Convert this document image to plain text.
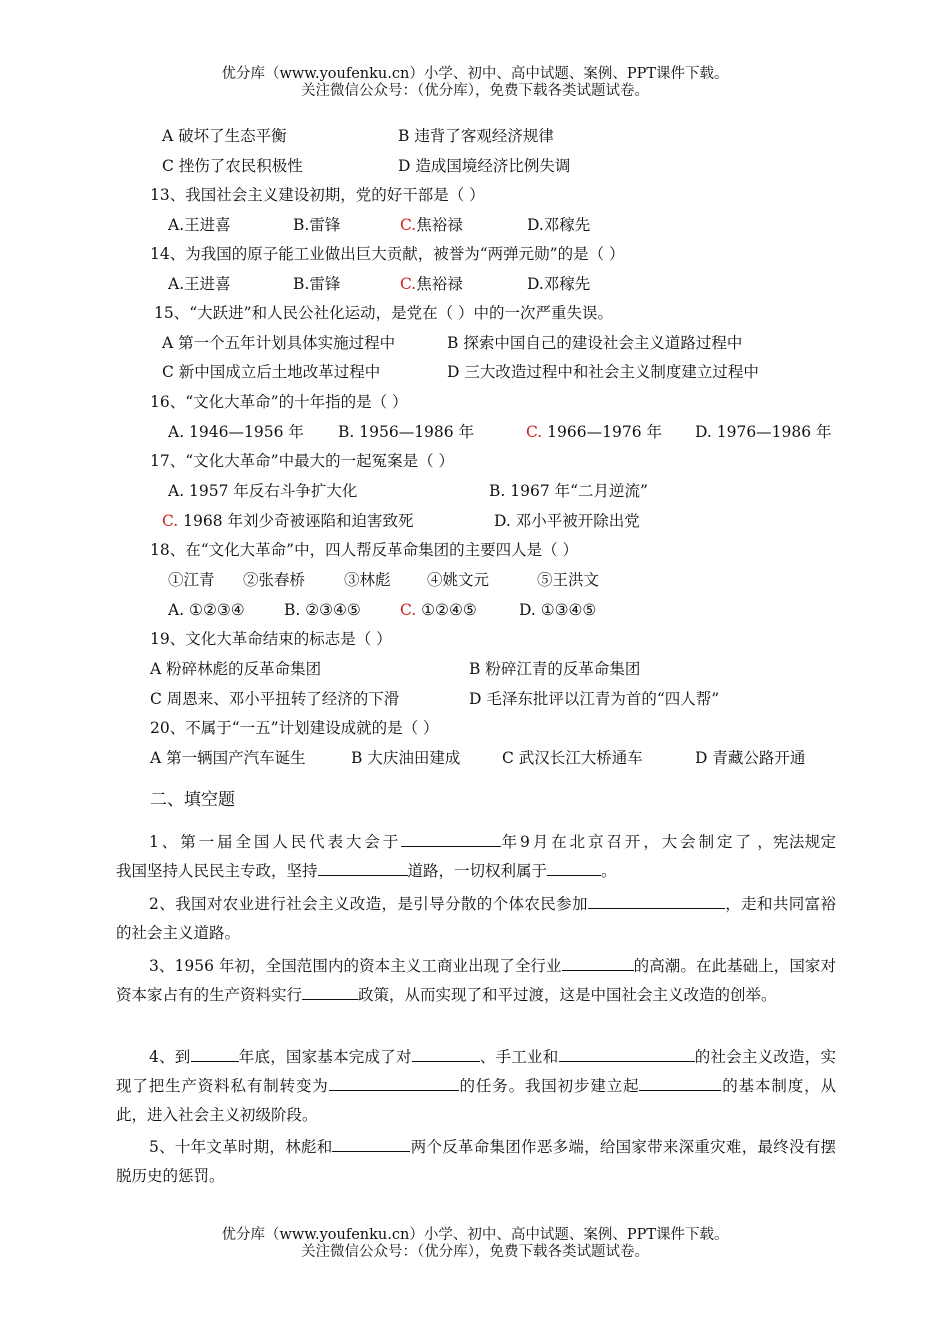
优分库（www.youfenku.cn）小学、初中、高中试题、案例、PPT课件下载。
关注微信公众号：（优分库），免费下载各类试题试卷。
A 破坏了生态平衡	B 违背了客观经济规律
C 挫伤了农民积极性	D 造成国境经济比例失调
13、我国社会主义建设初期，党的好干部是（ ）
A.王进喜	B.雷锋	C.焦裕禄	D.邓稼先
14、为我国的原子能工业做出巨大贡献，被誉为“两弹元勋”的是（ ）
A.王进喜	B.雷锋	C.焦裕禄	D.邓稼先
15、“大跃进”和人民公社化运动，是党在（ ）中的一次严重失误。
A 第一个五年计划具体实施过程中	B 探索中国自己的建设社会主义道路过程中
C 新中国成立后土地改革过程中	D 三大改造过程中和社会主义制度建立过程中
16、“文化大革命”的十年指的是（ ）
A. 1946—1956 年 B. 1956—1986 年	C. 1966—1976 年 D. 1976—1986 年
17、“文化大革命”中最大的一起冤案是（ ）
A. 1957 年反右斗争扩大化	B. 1967 年“二月逆流”
C. 1968 年刘少奇被诬陷和迫害致死	D. 邓小平被开除出党
18、在“文化大革命”中，四人帮反革命集团的主要四人是（ ）
①江青 ②张春桥	③林彪 ④姚文元	⑤王洪文
A. ①②③④	B. ②③④⑤	C. ①②④⑤	D. ①③④⑤
19、文化大革命结束的标志是（ ）
A 粉碎林彪的反革命集团	B 粉碎江青的反革命集团
C 周恩来、邓小平扭转了经济的下滑	D 毛泽东批评以江青为首的“四人帮”
20、不属于“一五”计划建设成就的是（ ）
A 第一辆国产汽车诞生	B 大庆油田建成	C 武汉长江大桥通车	D 青藏公路开通
二、填空题
1、第一届全国人民代表大会于	年9月在北京召开，大会制定了 ，宪法规定我国坚持人民民主专政，坚持	道路，一切权利属于	。
2、我国对农业进行社会主义改造，是引导分散的个体农民参加	，走和共同富裕的社会主义道路。
3、1956 年初，全国范围内的资本主义工商业出现了全行业	的高潮。在此基础上，国家对资本家占有的生产资料实行	政策，从而实现了和平过渡，这是中国社会主义改造的创举。
4、到	年底，国家基本完成了对	、手工业和	的社会主义改造，实现了把生产资料私有制转变为	的任务。我国初步建立起	的基本制度，从此，进入社会主义初级阶段。
5、十年文革时期，林彪和	两个反革命集团作恶多端，给国家带来深重灾难，最终没有摆脱历史的惩罚。
优分库（www.youfenku.cn）小学、初中、高中试题、案例、PPT课件下载。
关注微信公众号：（优分库），免费下载各类试题试卷。
